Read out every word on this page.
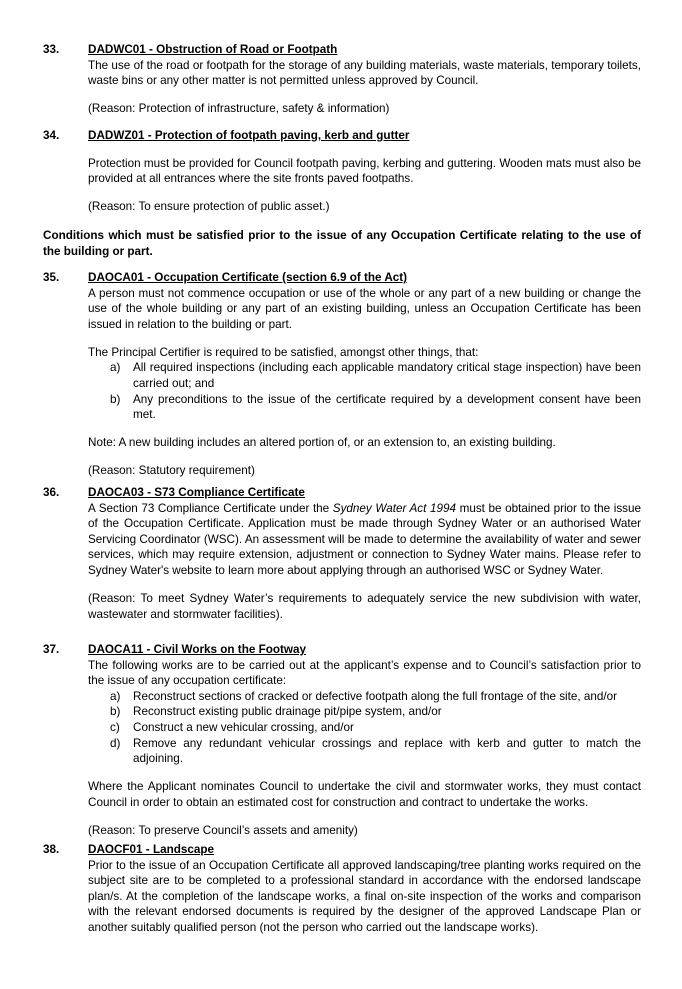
33. DADWC01 - Obstruction of Road or Footpath

The use of the road or footpath for the storage of any building materials, waste materials, temporary toilets, waste bins or any other matter is not permitted unless approved by Council.

(Reason: Protection of infrastructure, safety & information)

34. DADWZ01 - Protection of footpath paving, kerb and gutter

Protection must be provided for Council footpath paving, kerbing and guttering. Wooden mats must also be provided at all entrances where the site fronts paved footpaths.

(Reason: To ensure protection of public asset.)

Conditions which must be satisfied prior to the issue of any Occupation Certificate relating to the use of the building or part.
35. DAOCA01 - Occupation Certificate (section 6.9 of the Act)

A person must not commence occupation or use of the whole or any part of a new building or change the use of the whole building or any part of an existing building, unless an Occupation Certificate has been issued in relation to the building or part.

The Principal Certifier is required to be satisfied, amongst other things, that:

a) All required inspections (including each applicable mandatory critical stage inspection) have been carried out; and
b) Any preconditions to the issue of the certificate required by a development consent have been met.

Note: A new building includes an altered portion of, or an extension to, an existing building.

(Reason: Statutory requirement)

36. DAOCA03 - S73 Compliance Certificate

A Section 73 Compliance Certificate under the Sydney Water Act 1994 must be obtained prior to the issue of the Occupation Certificate. Application must be made through Sydney Water or an authorised Water Servicing Coordinator (WSC). An assessment will be made to determine the availability of water and sewer services, which may require extension, adjustment or connection to Sydney Water mains. Please refer to Sydney Water's website to learn more about applying through an authorised WSC or Sydney Water.

(Reason: To meet Sydney Water’s requirements to adequately service the new subdivision with water, wastewater and stormwater facilities).

37. DAOCA11 - Civil Works on the Footway

The following works are to be carried out at the applicant’s expense and to Council’s satisfaction prior to the issue of any occupation certificate:

a) Reconstruct sections of cracked or defective footpath along the full frontage of the site, and/or
b) Reconstruct existing public drainage pit/pipe system, and/or
c) Construct a new vehicular crossing, and/or
d) Remove any redundant vehicular crossings and replace with kerb and gutter to match the adjoining.

Where the Applicant nominates Council to undertake the civil and stormwater works, they must contact Council in order to obtain an estimated cost for construction and contract to undertake the works.

(Reason: To preserve Council’s assets and amenity)

38. DAOCF01 - Landscape

Prior to the issue of an Occupation Certificate all approved landscaping/tree planting works required on the subject site are to be completed to a professional standard in accordance with the endorsed landscape plan/s. At the completion of the landscape works, a final on-site inspection of the works and comparison with the relevant endorsed documents is required by the designer of the approved Landscape Plan or another suitably qualified person (not the person who carried out the landscape works).
